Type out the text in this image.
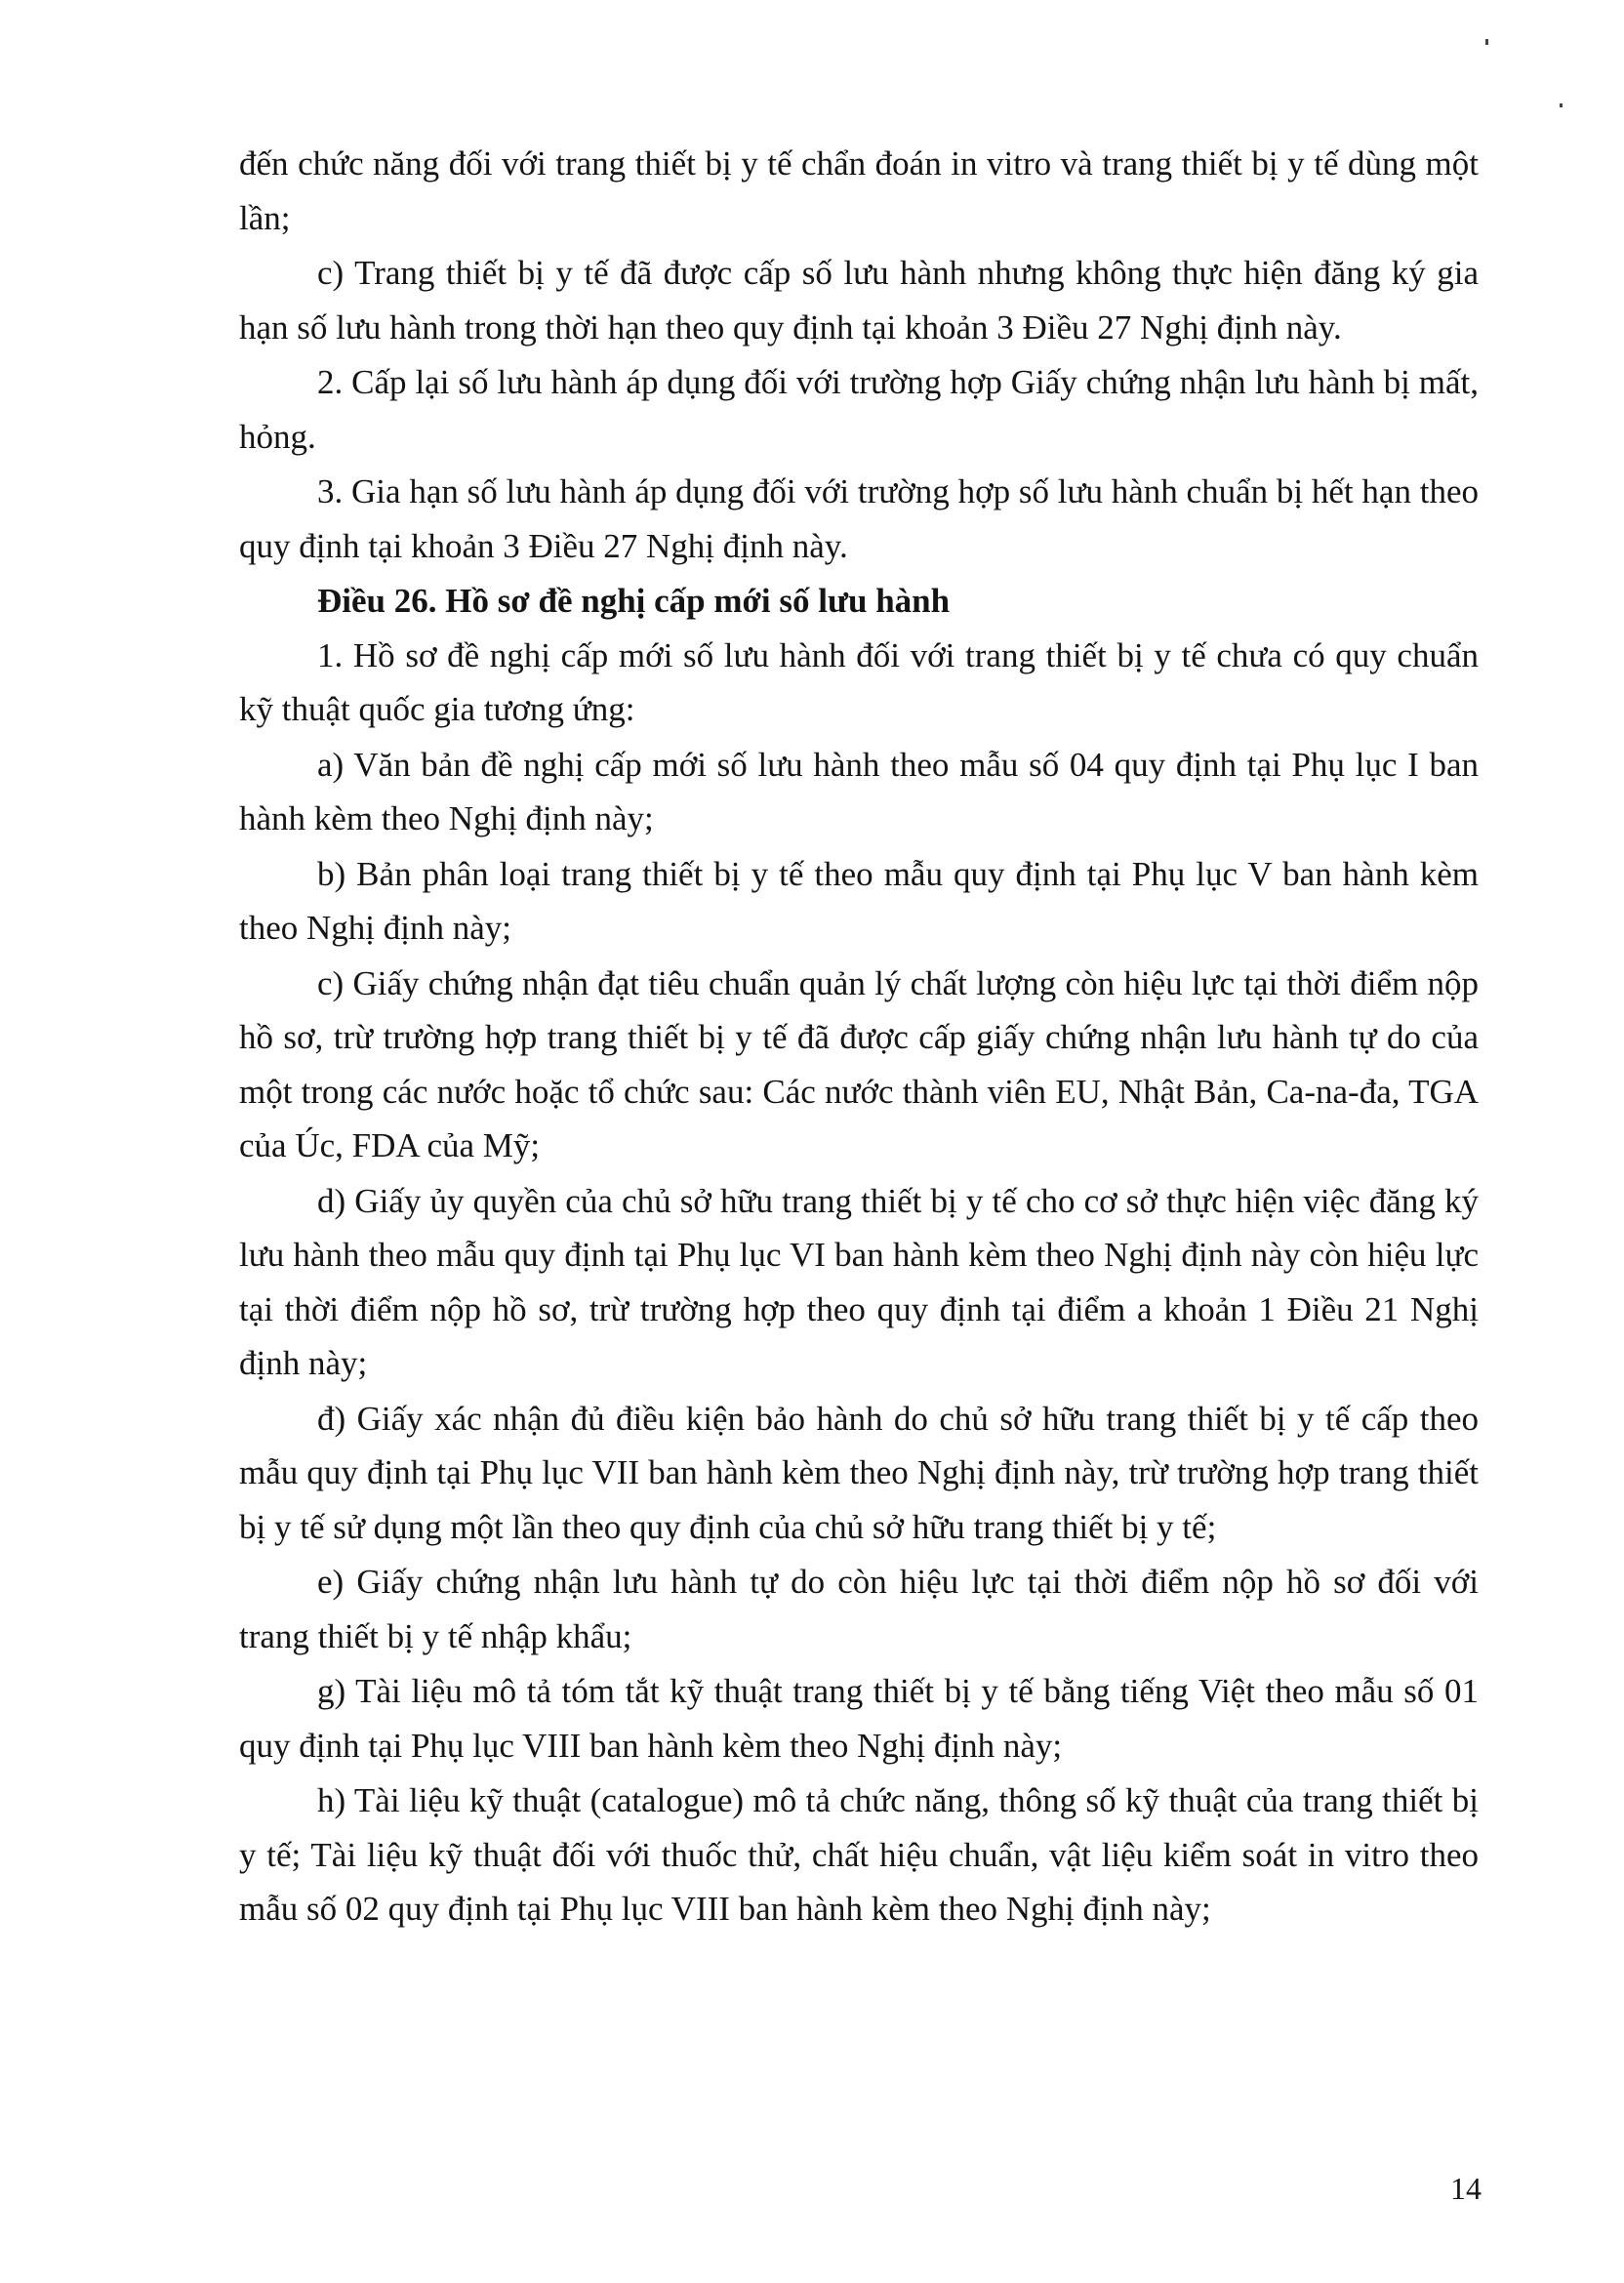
đến chức năng đối với trang thiết bị y tế chẩn đoán in vitro và trang thiết bị y tế dùng một lần;

c) Trang thiết bị y tế đã được cấp số lưu hành nhưng không thực hiện đăng ký gia hạn số lưu hành trong thời hạn theo quy định tại khoản 3 Điều 27 Nghị định này.

2. Cấp lại số lưu hành áp dụng đối với trường hợp Giấy chứng nhận lưu hành bị mất, hỏng.

3. Gia hạn số lưu hành áp dụng đối với trường hợp số lưu hành chuẩn bị hết hạn theo quy định tại khoản 3 Điều 27 Nghị định này.

Điều 26. Hồ sơ đề nghị cấp mới số lưu hành

1. Hồ sơ đề nghị cấp mới số lưu hành đối với trang thiết bị y tế chưa có quy chuẩn kỹ thuật quốc gia tương ứng:

a) Văn bản đề nghị cấp mới số lưu hành theo mẫu số 04 quy định tại Phụ lục I ban hành kèm theo Nghị định này;

b) Bản phân loại trang thiết bị y tế theo mẫu quy định tại Phụ lục V ban hành kèm theo Nghị định này;

c) Giấy chứng nhận đạt tiêu chuẩn quản lý chất lượng còn hiệu lực tại thời điểm nộp hồ sơ, trừ trường hợp trang thiết bị y tế đã được cấp giấy chứng nhận lưu hành tự do của một trong các nước hoặc tổ chức sau: Các nước thành viên EU, Nhật Bản, Ca-na-đa, TGA của Úc, FDA của Mỹ;

d) Giấy ủy quyền của chủ sở hữu trang thiết bị y tế cho cơ sở thực hiện việc đăng ký lưu hành theo mẫu quy định tại Phụ lục VI ban hành kèm theo Nghị định này còn hiệu lực tại thời điểm nộp hồ sơ, trừ trường hợp theo quy định tại điểm a khoản 1 Điều 21 Nghị định này;

đ) Giấy xác nhận đủ điều kiện bảo hành do chủ sở hữu trang thiết bị y tế cấp theo mẫu quy định tại Phụ lục VII ban hành kèm theo Nghị định này, trừ trường hợp trang thiết bị y tế sử dụng một lần theo quy định của chủ sở hữu trang thiết bị y tế;

e) Giấy chứng nhận lưu hành tự do còn hiệu lực tại thời điểm nộp hồ sơ đối với trang thiết bị y tế nhập khẩu;

g) Tài liệu mô tả tóm tắt kỹ thuật trang thiết bị y tế bằng tiếng Việt theo mẫu số 01 quy định tại Phụ lục VIII ban hành kèm theo Nghị định này;

h) Tài liệu kỹ thuật (catalogue) mô tả chức năng, thông số kỹ thuật của trang thiết bị y tế; Tài liệu kỹ thuật đối với thuốc thử, chất hiệu chuẩn, vật liệu kiểm soát in vitro theo mẫu số 02 quy định tại Phụ lục VIII ban hành kèm theo Nghị định này;

14
